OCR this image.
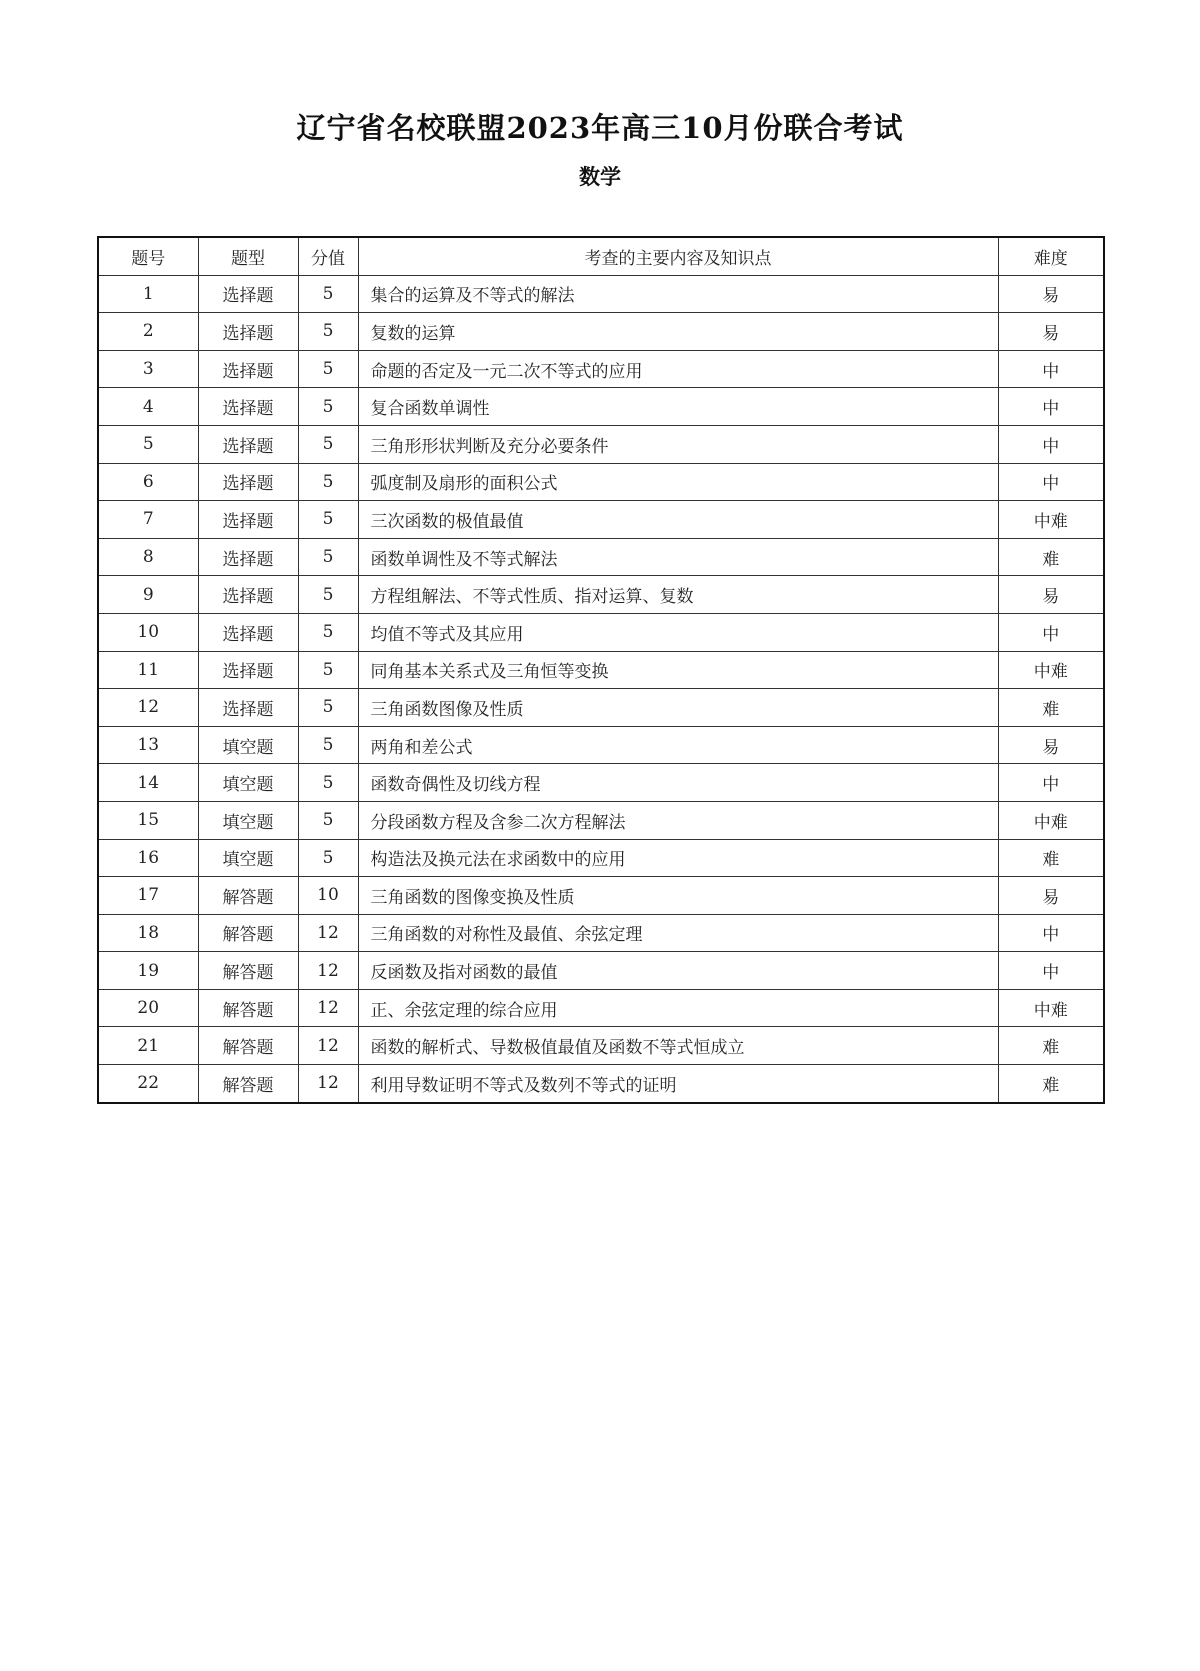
辽宁省名校联盟2023年高三10月份联合考试
数学
题号	题型	分值	考查的主要内容及知识点	难度
1	选择题	5	集合的运算及不等式的解法	易
2	选择题	5	复数的运算	易
3	选择题	5	命题的否定及一元二次不等式的应用	中
4	选择题	5	复合函数单调性	中
5	选择题	5	三角形形状判断及充分必要条件	中
6	选择题	5	弧度制及扇形的面积公式	中
7	选择题	5	三次函数的极值最值	中难
8	选择题	5	函数单调性及不等式解法	难
9	选择题	5	方程组解法、不等式性质、指对运算、复数	易
10	选择题	5	均值不等式及其应用	中
11	选择题	5	同角基本关系式及三角恒等变换	中难
12	选择题	5	三角函数图像及性质	难
13	填空题	5	两角和差公式	易
14	填空题	5	函数奇偶性及切线方程	中
15	填空题	5	分段函数方程及含参二次方程解法	中难
16	填空题	5	构造法及换元法在求函数中的应用	难
17	解答题	10	三角函数的图像变换及性质	易
18	解答题	12	三角函数的对称性及最值、余弦定理	中
19	解答题	12	反函数及指对函数的最值	中
20	解答题	12	正、余弦定理的综合应用	中难
21	解答题	12	函数的解析式、导数极值最值及函数不等式恒成立	难
22	解答题	12	利用导数证明不等式及数列不等式的证明	难
